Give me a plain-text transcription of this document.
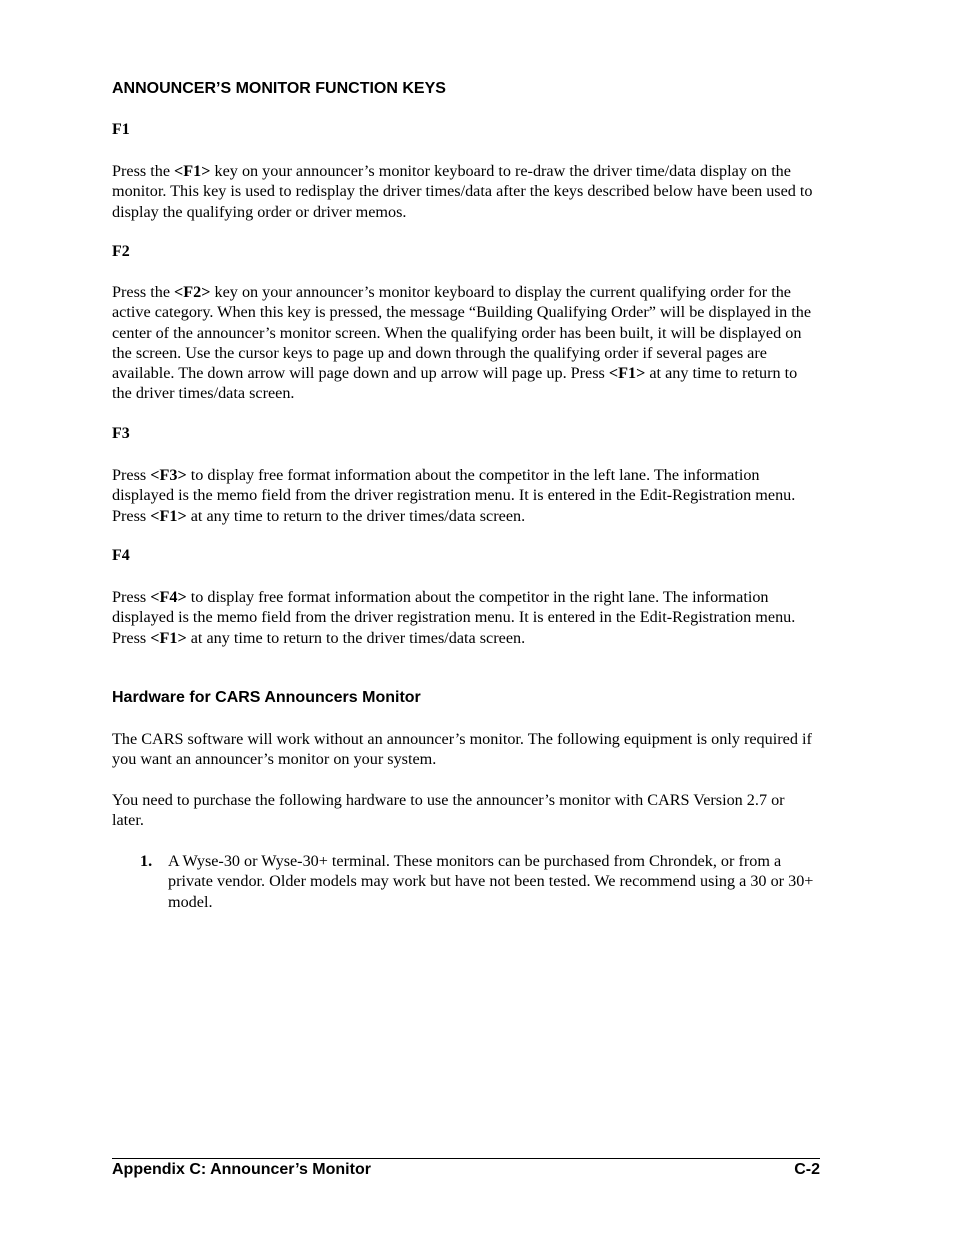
ANNOUNCER’S MONITOR FUNCTION KEYS
F1
Press the <F1> key on your announcer’s monitor keyboard to re-draw the driver time/data display on the monitor. This key is used to redisplay the driver times/data after the keys described below have been used to display the qualifying order or driver memos.
F2
Press the <F2> key on your announcer’s monitor keyboard to display the current qualifying order for the active category. When this key is pressed, the message “Building Qualifying Order” will be displayed in the center of the announcer’s monitor screen. When the qualifying order has been built, it will be displayed on the screen. Use the cursor keys to page up and down through the qualifying order if several pages are available. The down arrow will page down and up arrow will page up. Press <F1> at any time to return to the driver times/data screen.
F3
Press <F3> to display free format information about the competitor in the left lane. The information displayed is the memo field from the driver registration menu. It is entered in the Edit-Registration menu. Press <F1> at any time to return to the driver times/data screen.
F4
Press <F4> to display free format information about the competitor in the right lane. The information displayed is the memo field from the driver registration menu. It is entered in the Edit-Registration menu. Press <F1> at any time to return to the driver times/data screen.
Hardware for CARS Announcers Monitor
The CARS software will work without an announcer’s monitor. The following equipment is only required if you want an announcer’s monitor on your system.
You need to purchase the following hardware to use the announcer’s monitor with CARS Version 2.7 or later.
1. A Wyse-30 or Wyse-30+ terminal. These monitors can be purchased from Chrondek, or from a private vendor. Older models may work but have not been tested. We recommend using a 30 or 30+ model.
Appendix C: Announcer’s Monitor	C-2
